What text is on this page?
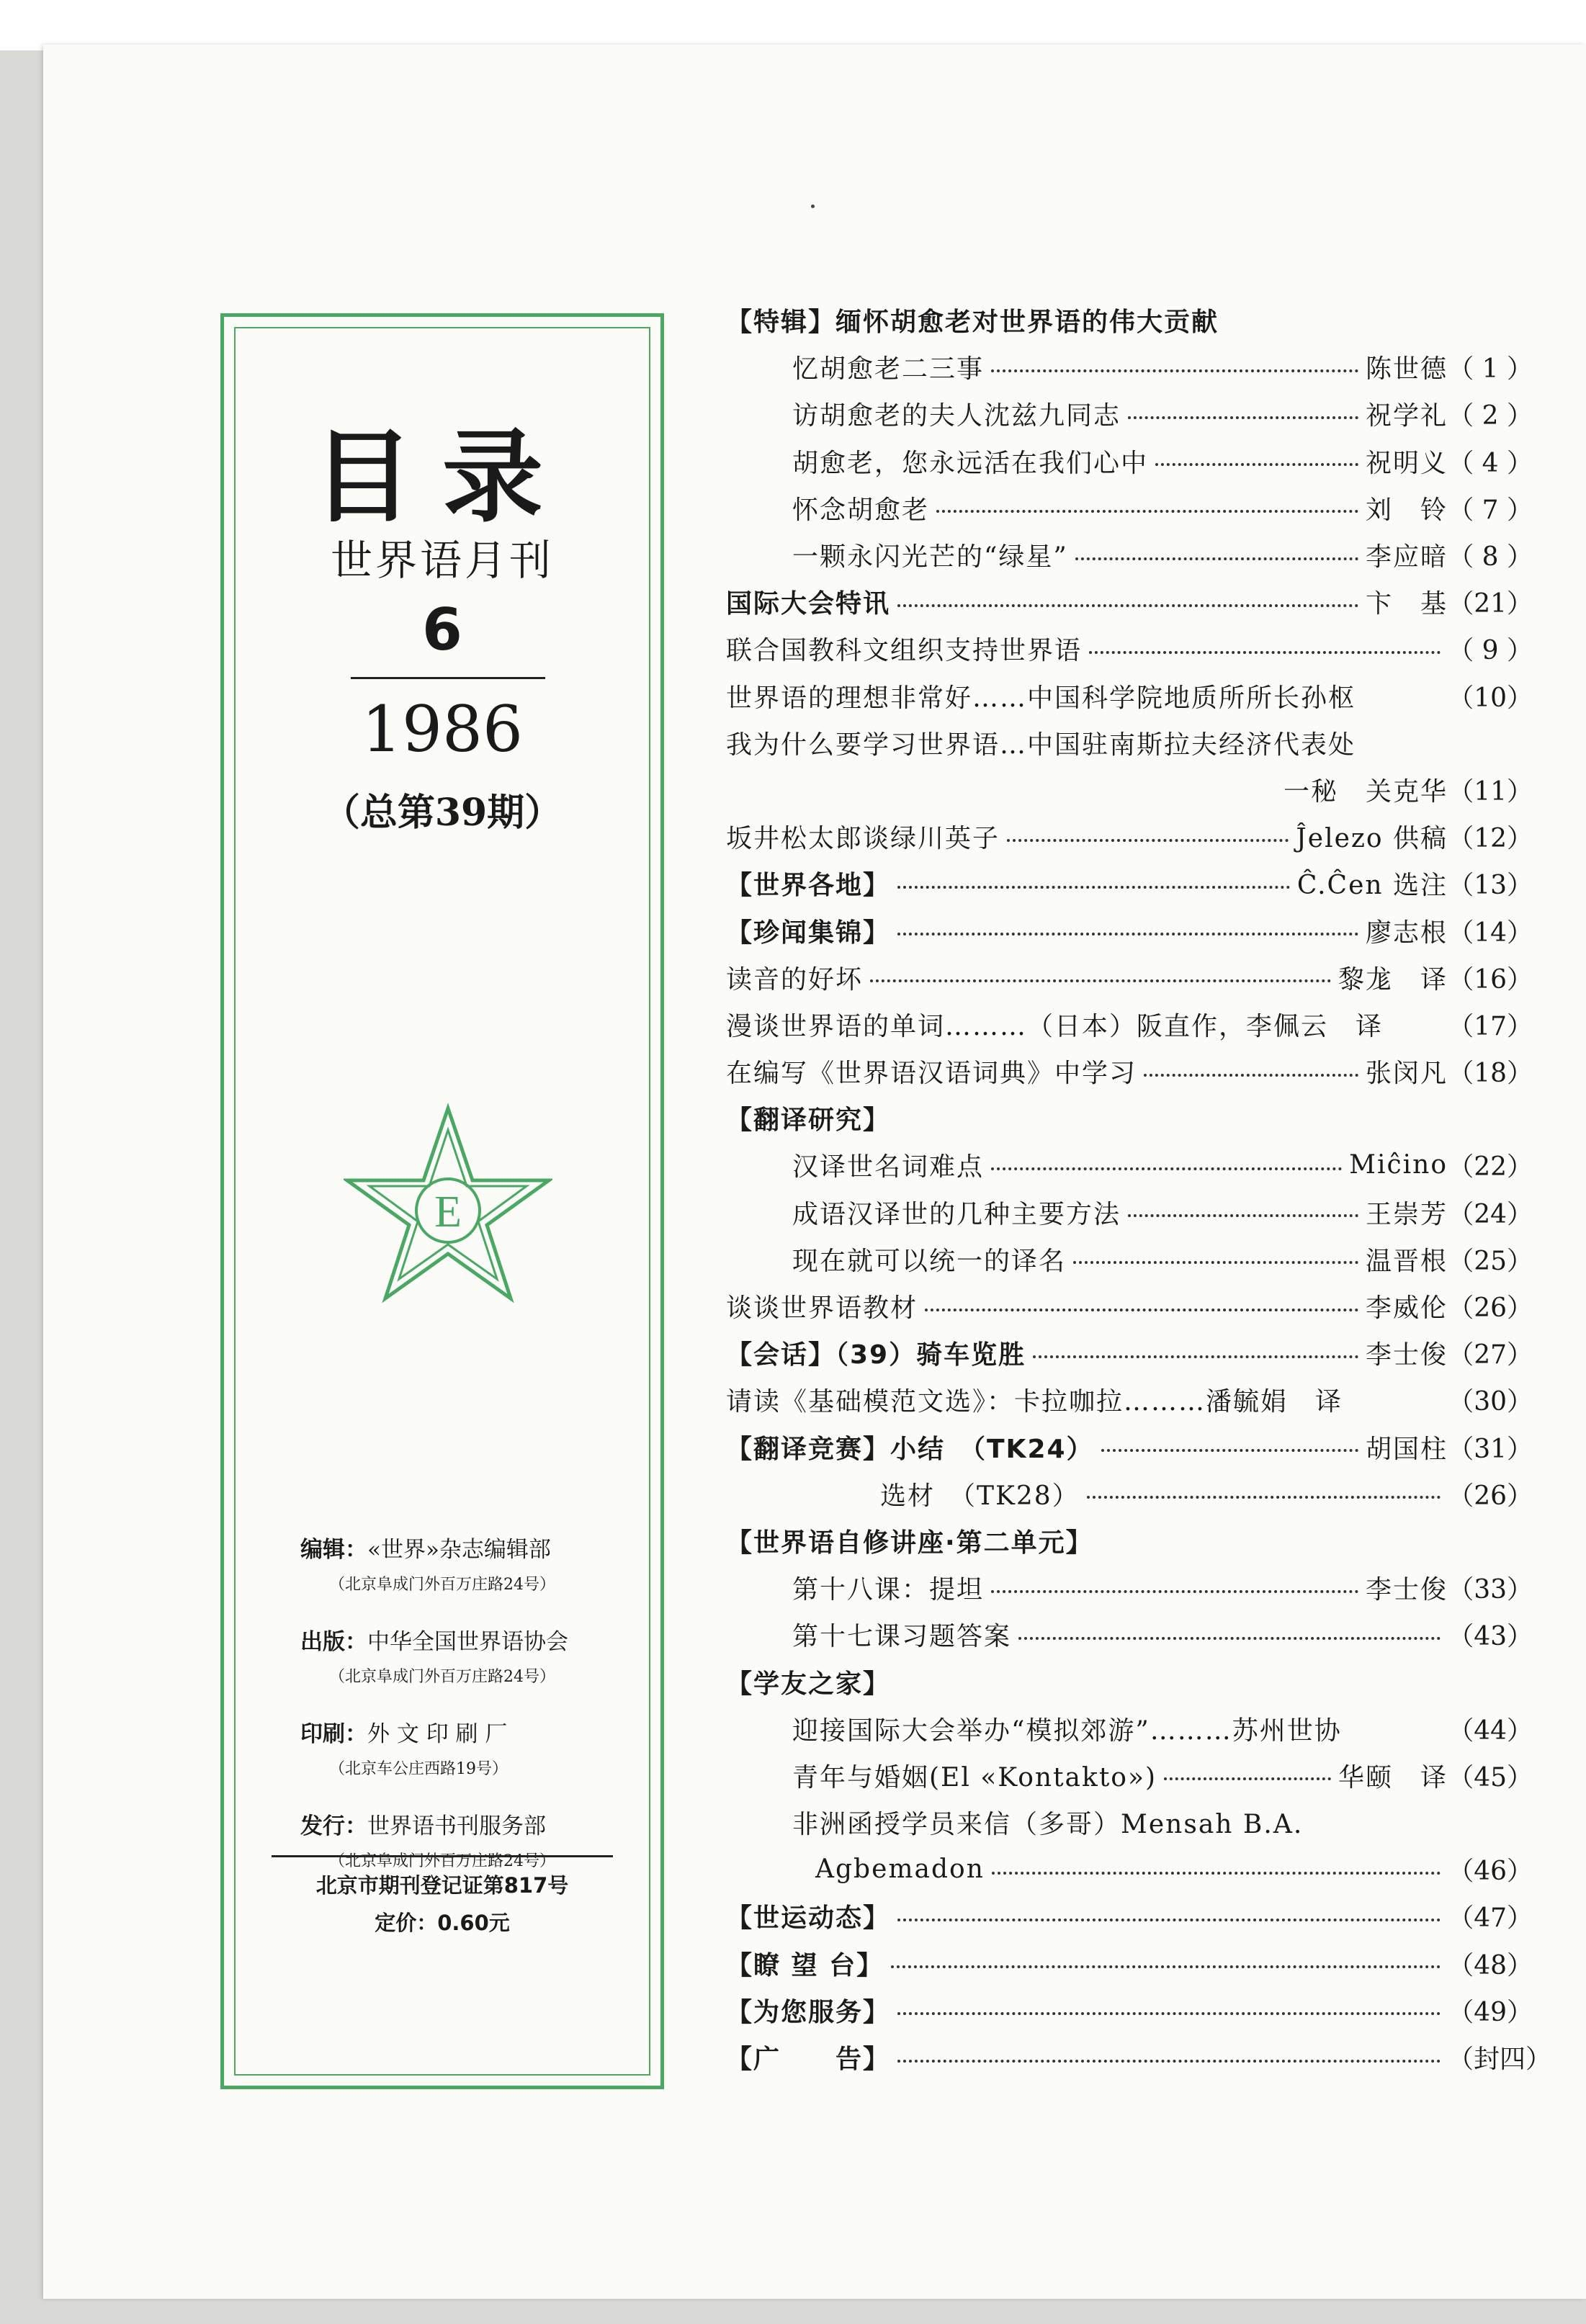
目录
世界语月刊
6
1986
（总第39期）
E
编辑：«世界»杂志编辑部
（北京阜成门外百万庄路24号）
出版：中华全国世界语协会
（北京阜成门外百万庄路24号）
印刷：外 文 印 刷 厂
（北京车公庄西路19号）
发行：世界语书刊服务部
（北京阜成门外百万庄路24号）
北京市期刊登记证第817号
定价：0.60元
【特辑】缅怀胡愈老对世界语的伟大贡献
忆胡愈老二三事	陈世德 （ 1 ）
访胡愈老的夫人沈兹九同志	祝学礼 （ 2 ）
胡愈老，您永远活在我们心中	祝明义 （ 4 ）
怀念胡愈老	刘　铃 （ 7 ）
一颗永闪光芒的“绿星”	李应暗 （ 8 ）
国际大会特讯	卞　基 （21）
联合国教科文组织支持世界语	（ 9 ）
世界语的理想非常好……中国科学院地质所所长孙枢	（10）
我为什么要学习世界语…中国驻南斯拉夫经济代表处
一秘　关克华 （11）
坂井松太郎谈绿川英子	Ĵelezo 供稿 （12）
【世界各地】	Ĉ.Ĉen 选注 （13）
【珍闻集锦】	廖志根 （14）
读音的好坏	黎尨　译 （16）
漫谈世界语的单词………（日本）阪直作，李佩云　译	（17）
在编写《世界语汉语词典》中学习	张闵凡 （18）
【翻译研究】
汉译世名词难点	Miĉino （22）
成语汉译世的几种主要方法	王崇芳 （24）
现在就可以统一的译名	温晋根 （25）
谈谈世界语教材	李威伦 （26）
【会话】（39）骑车览胜	李士俊 （27）
请读《基础模范文选》：卡拉咖拉………潘毓娟　译	（30）
【翻译竞赛】小结　（TK24）	胡国柱 （31）
选材　（TK28）	（26）
【世界语自修讲座·第二单元】
第十八课：提坦	李士俊 （33）
第十七课习题答案	（43）
【学友之家】
迎接国际大会举办“模拟郊游”………苏州世协	（44）
青年与婚姻(El «Kontakto»)	华颐　译 （45）
非洲函授学员来信（多哥）Mensah B.A.
Agbemadon	（46）
【世运动态】	（47）
【瞭 望 台】	（48）
【为您服务】	（49）
【广　　告】	（封四）
